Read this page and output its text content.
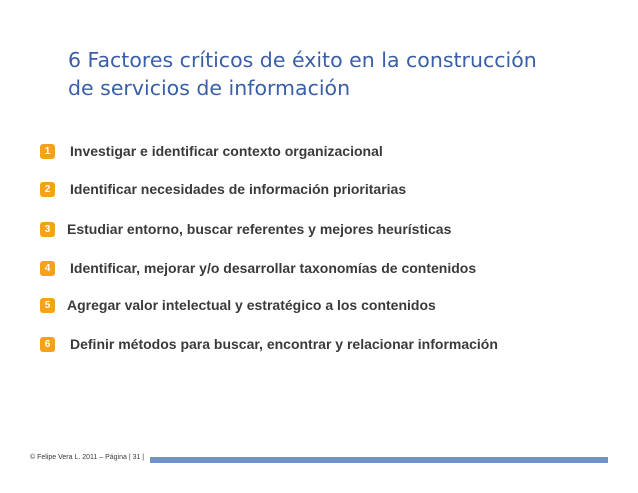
6 Factores críticos de éxito en la construcción
de servicios de información
1	Investigar e identificar contexto organizacional
2	Identificar necesidades de información prioritarias
3	Estudiar entorno, buscar referentes y mejores heurísticas
4	Identificar, mejorar y/o desarrollar taxonomías de contenidos
5	Agregar valor intelectual y estratégico a los contenidos
6	Definir métodos para buscar, encontrar y relacionar información
© Felipe Vera L. 2011 – Página | 31 |
